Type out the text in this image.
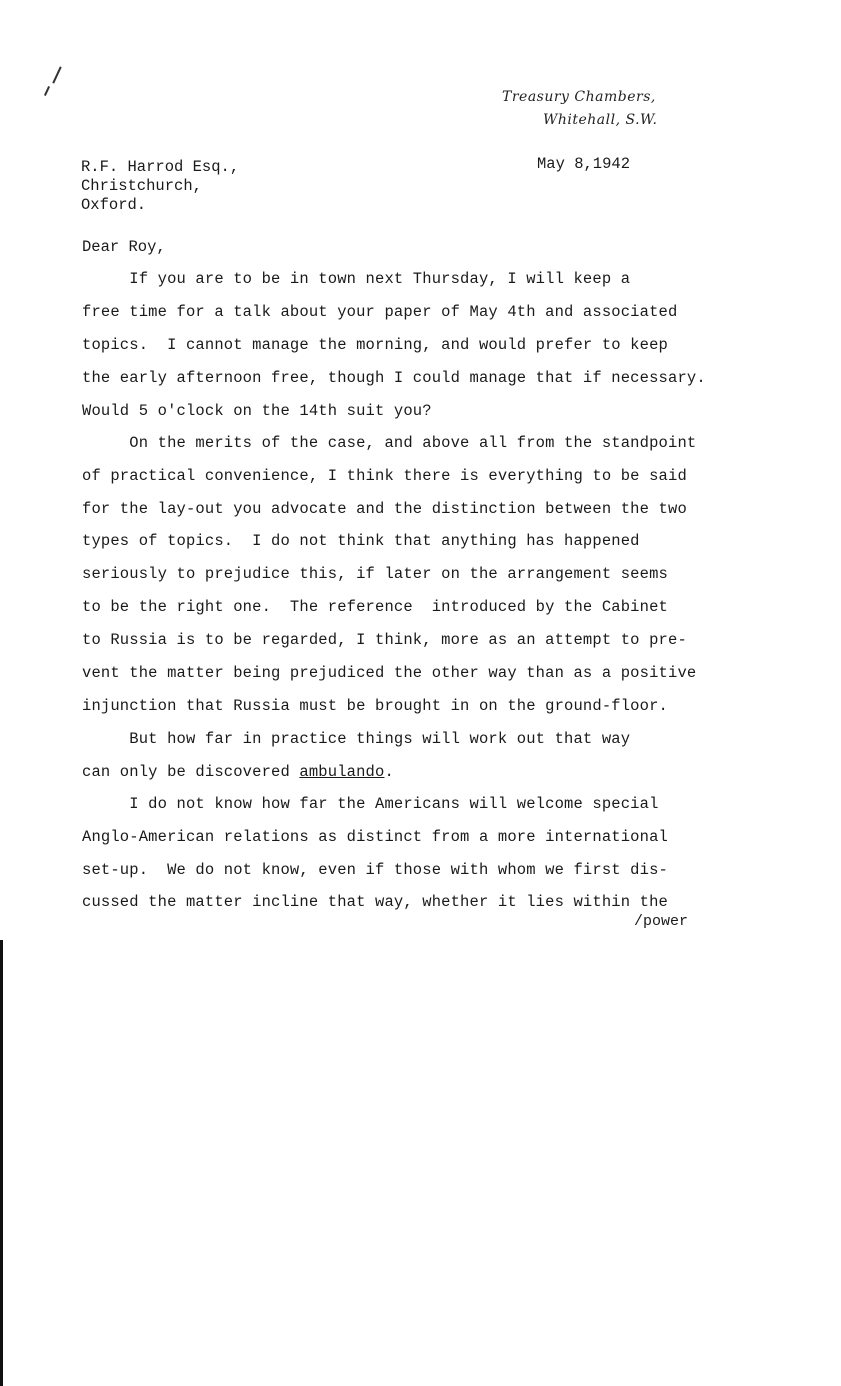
Treasury Chambers,
Whitehall, S.W.
May 8,1942
R.F. Harrod Esq.,
Christchurch,
Oxford.
Dear Roy,
If you are to be in town next Thursday, I will keep a
free time for a talk about your paper of May 4th and associated
topics.  I cannot manage the morning, and would prefer to keep
the early afternoon free, though I could manage that if necessary.
Would 5 o'clock on the 14th suit you?
On the merits of the case, and above all from the standpoint
of practical convenience, I think there is everything to be said
for the lay-out you advocate and the distinction between the two
types of topics.  I do not think that anything has happened
seriously to prejudice this, if later on the arrangement seems
to be the right one.  The reference  introduced by the Cabinet
to Russia is to be regarded, I think, more as an attempt to pre-
vent the matter being prejudiced the other way than as a positive
injunction that Russia must be brought in on the ground-floor.
But how far in practice things will work out that way
can only be discovered ambulando.
I do not know how far the Americans will welcome special
Anglo-American relations as distinct from a more international
set-up.  We do not know, even if those with whom we first dis-
cussed the matter incline that way, whether it lies within the
/power
